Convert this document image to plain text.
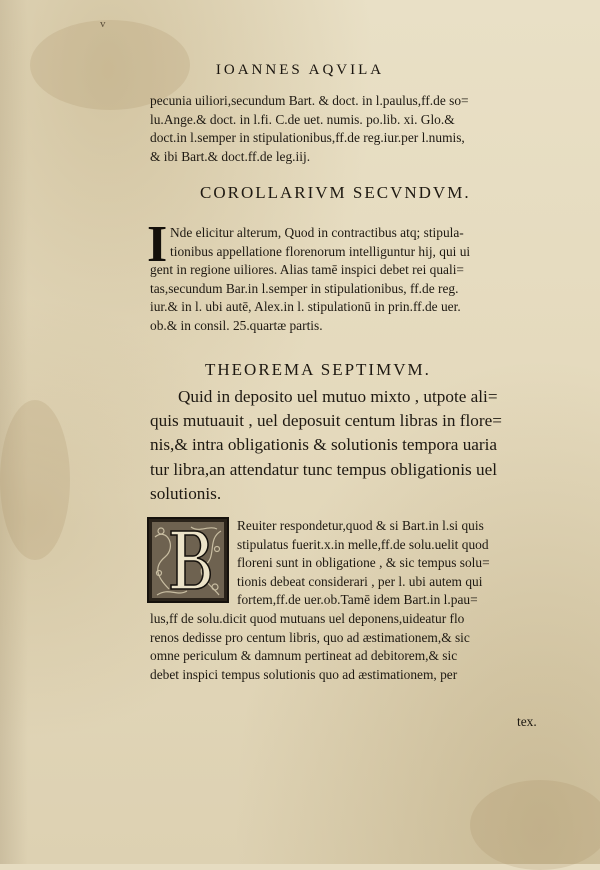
v
IOANNES AQVILA
pecunia uiliori,secundum Bart. & doct. in l.paulus,ff.de so=
lu.Ange.& doct. in l.fi. C.de uet. numis. po.lib. xi. Glo.&
doct.in l.semper in stipulationibus,ff.de reg.iur.per l.numis,
& ibi Bart.& doct.ff.de leg.iij.
COROLLARIVM SECVNDVM.
I Nde elicitur alterum, Quod in contractibus atq; stipula-
tionibus appellatione florenorum intelliguntur hij, qui ui
gent in regione uiliores. Alias tamē inspici debet rei quali=
tas,secundum Bar.in l.semper in stipulationibus, ff.de reg.
iur.& in l. ubi autē, Alex.in l. stipulationū in prin.ff.de uer.
ob.& in consil. 25.quartæ partis.
THEOREMA SEPTIMVM.
Quid in deposito uel mutuo mixto , utpote ali=
quis mutuauit , uel deposuit centum libras in flore=
nis,& intra obligationis & solutionis tempora uaria
tur libra,an attendatur tunc tempus obligationis uel
solutionis.
Reuiter respondetur,quod & si Bart.in l.si quis
stipulatus fuerit.x.in melle,ff.de solu.uelit quod
floreni sunt in obligatione , & sic tempus solu=
tionis debeat considerari , per l. ubi autem qui
fortem,ff.de uer.ob.Tamē idem Bart.in l.pau=
lus,ff de solu.dicit quod mutuans uel deponens,uideatur flo
renos dedisse pro centum libris, quo ad æstimationem,& sic
omne periculum & damnum pertineat ad debitorem,& sic
debet inspici tempus solutionis quo ad æstimationem, per
tex.
